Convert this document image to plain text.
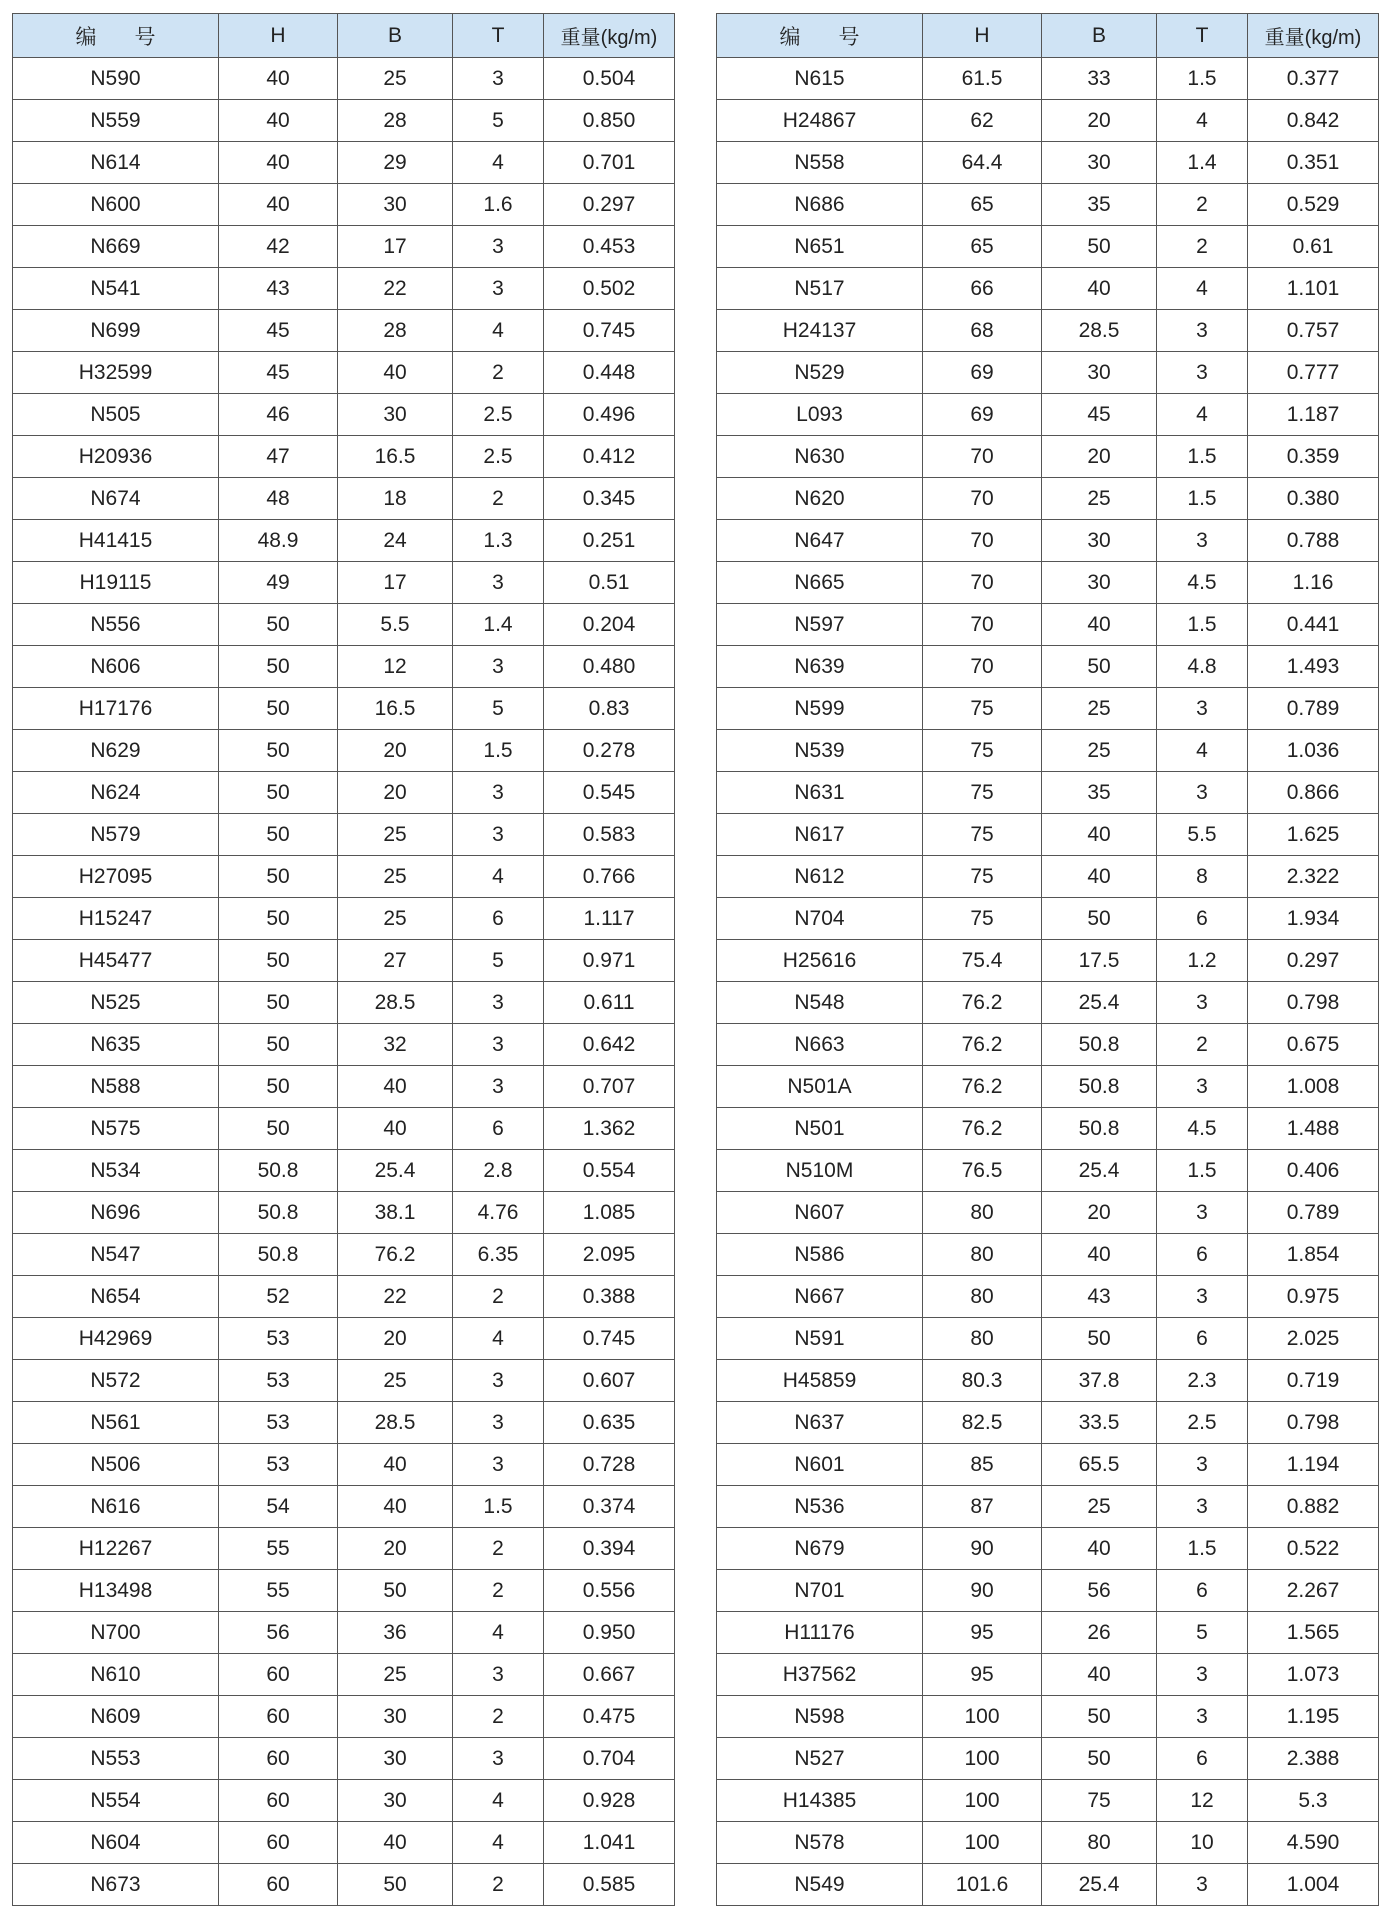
编 号	H	B	T	重量(kg/m)
N590	40	25	3	0.504
N559	40	28	5	0.850
N614	40	29	4	0.701
N600	40	30	1.6	0.297
N669	42	17	3	0.453
N541	43	22	3	0.502
N699	45	28	4	0.745
H32599	45	40	2	0.448
N505	46	30	2.5	0.496
H20936	47	16.5	2.5	0.412
N674	48	18	2	0.345
H41415	48.9	24	1.3	0.251
H19115	49	17	3	0.51
N556	50	5.5	1.4	0.204
N606	50	12	3	0.480
H17176	50	16.5	5	0.83
N629	50	20	1.5	0.278
N624	50	20	3	0.545
N579	50	25	3	0.583
H27095	50	25	4	0.766
H15247	50	25	6	1.117
H45477	50	27	5	0.971
N525	50	28.5	3	0.611
N635	50	32	3	0.642
N588	50	40	3	0.707
N575	50	40	6	1.362
N534	50.8	25.4	2.8	0.554
N696	50.8	38.1	4.76	1.085
N547	50.8	76.2	6.35	2.095
N654	52	22	2	0.388
H42969	53	20	4	0.745
N572	53	25	3	0.607
N561	53	28.5	3	0.635
N506	53	40	3	0.728
N616	54	40	1.5	0.374
H12267	55	20	2	0.394
H13498	55	50	2	0.556
N700	56	36	4	0.950
N610	60	25	3	0.667
N609	60	30	2	0.475
N553	60	30	3	0.704
N554	60	30	4	0.928
N604	60	40	4	1.041
N673	60	50	2	0.585
编 号	H	B	T	重量(kg/m)
N615	61.5	33	1.5	0.377
H24867	62	20	4	0.842
N558	64.4	30	1.4	0.351
N686	65	35	2	0.529
N651	65	50	2	0.61
N517	66	40	4	1.101
H24137	68	28.5	3	0.757
N529	69	30	3	0.777
L093	69	45	4	1.187
N630	70	20	1.5	0.359
N620	70	25	1.5	0.380
N647	70	30	3	0.788
N665	70	30	4.5	1.16
N597	70	40	1.5	0.441
N639	70	50	4.8	1.493
N599	75	25	3	0.789
N539	75	25	4	1.036
N631	75	35	3	0.866
N617	75	40	5.5	1.625
N612	75	40	8	2.322
N704	75	50	6	1.934
H25616	75.4	17.5	1.2	0.297
N548	76.2	25.4	3	0.798
N663	76.2	50.8	2	0.675
N501A	76.2	50.8	3	1.008
N501	76.2	50.8	4.5	1.488
N510M	76.5	25.4	1.5	0.406
N607	80	20	3	0.789
N586	80	40	6	1.854
N667	80	43	3	0.975
N591	80	50	6	2.025
H45859	80.3	37.8	2.3	0.719
N637	82.5	33.5	2.5	0.798
N601	85	65.5	3	1.194
N536	87	25	3	0.882
N679	90	40	1.5	0.522
N701	90	56	6	2.267
H11176	95	26	5	1.565
H37562	95	40	3	1.073
N598	100	50	3	1.195
N527	100	50	6	2.388
H14385	100	75	12	5.3
N578	100	80	10	4.590
N549	101.6	25.4	3	1.004
